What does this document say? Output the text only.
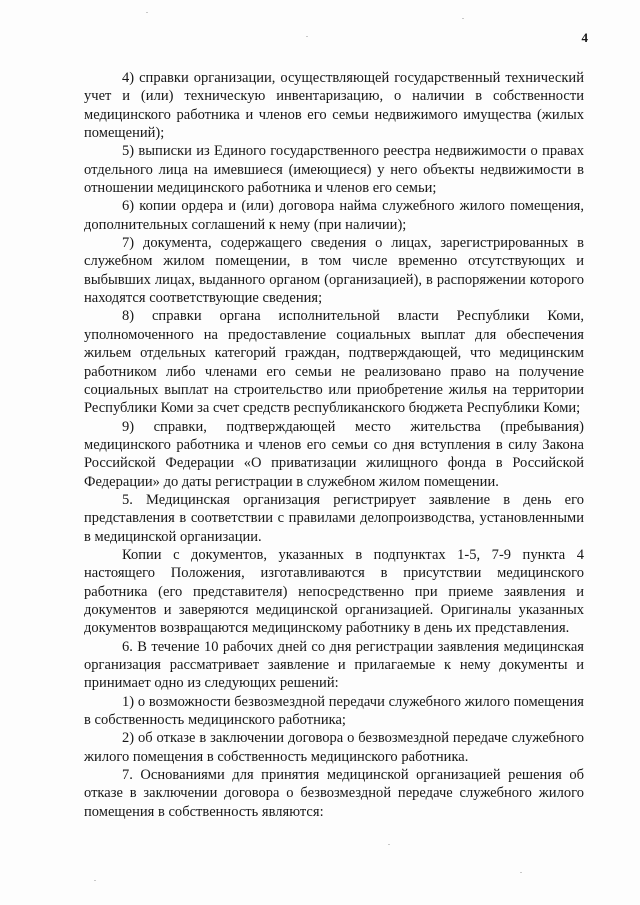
4

4) справки организации, осуществляющей государственный технический учет и (или) техническую инвентаризацию, о наличии в собственности медицинского работника и членов его семьи недвижимого имущества (жилых помещений);

5) выписки из Единого государственного реестра недвижимости о правах отдельного лица на имевшиеся (имеющиеся) у него объекты недвижимости в отношении медицинского работника и членов его семьи;

6) копии ордера и (или) договора найма служебного жилого помещения, дополнительных соглашений к нему (при наличии);

7) документа, содержащего сведения о лицах, зарегистрированных в служебном жилом помещении, в том числе временно отсутствующих и выбывших лицах, выданного органом (организацией), в распоряжении которого находятся соответствующие сведения;

8) справки органа исполнительной власти Республики Коми, уполномоченного на предоставление социальных выплат для обеспечения жильем отдельных категорий граждан, подтверждающей, что медицинским работником либо членами его семьи не реализовано право на получение социальных выплат на строительство или приобретение жилья на территории Республики Коми за счет средств республиканского бюджета Республики Коми;

9) справки, подтверждающей место жительства (пребывания) медицинского работника и членов его семьи со дня вступления в силу Закона Российской Федерации «О приватизации жилищного фонда в Российской Федерации» до даты регистрации в служебном жилом помещении.

5. Медицинская организация регистрирует заявление в день его представления в соответствии с правилами делопроизводства, установленными в медицинской организации.

Копии с документов, указанных в подпунктах 1-5, 7-9 пункта 4 настоящего Положения, изготавливаются в присутствии медицинского работника (его представителя) непосредственно при приеме заявления и документов и заверяются медицинской организацией. Оригиналы указанных документов возвращаются медицинскому работнику в день их представления.

6. В течение 10 рабочих дней со дня регистрации заявления медицинская организация рассматривает заявление и прилагаемые к нему документы и принимает одно из следующих решений:

1) о возможности безвозмездной передачи служебного жилого помещения в собственность медицинского работника;

2) об отказе в заключении договора о безвозмездной передаче служебного жилого помещения в собственность медицинского работника.

7. Основаниями для принятия медицинской организацией решения об отказе в заключении договора о безвозмездной передаче служебного жилого помещения в собственность являются:
